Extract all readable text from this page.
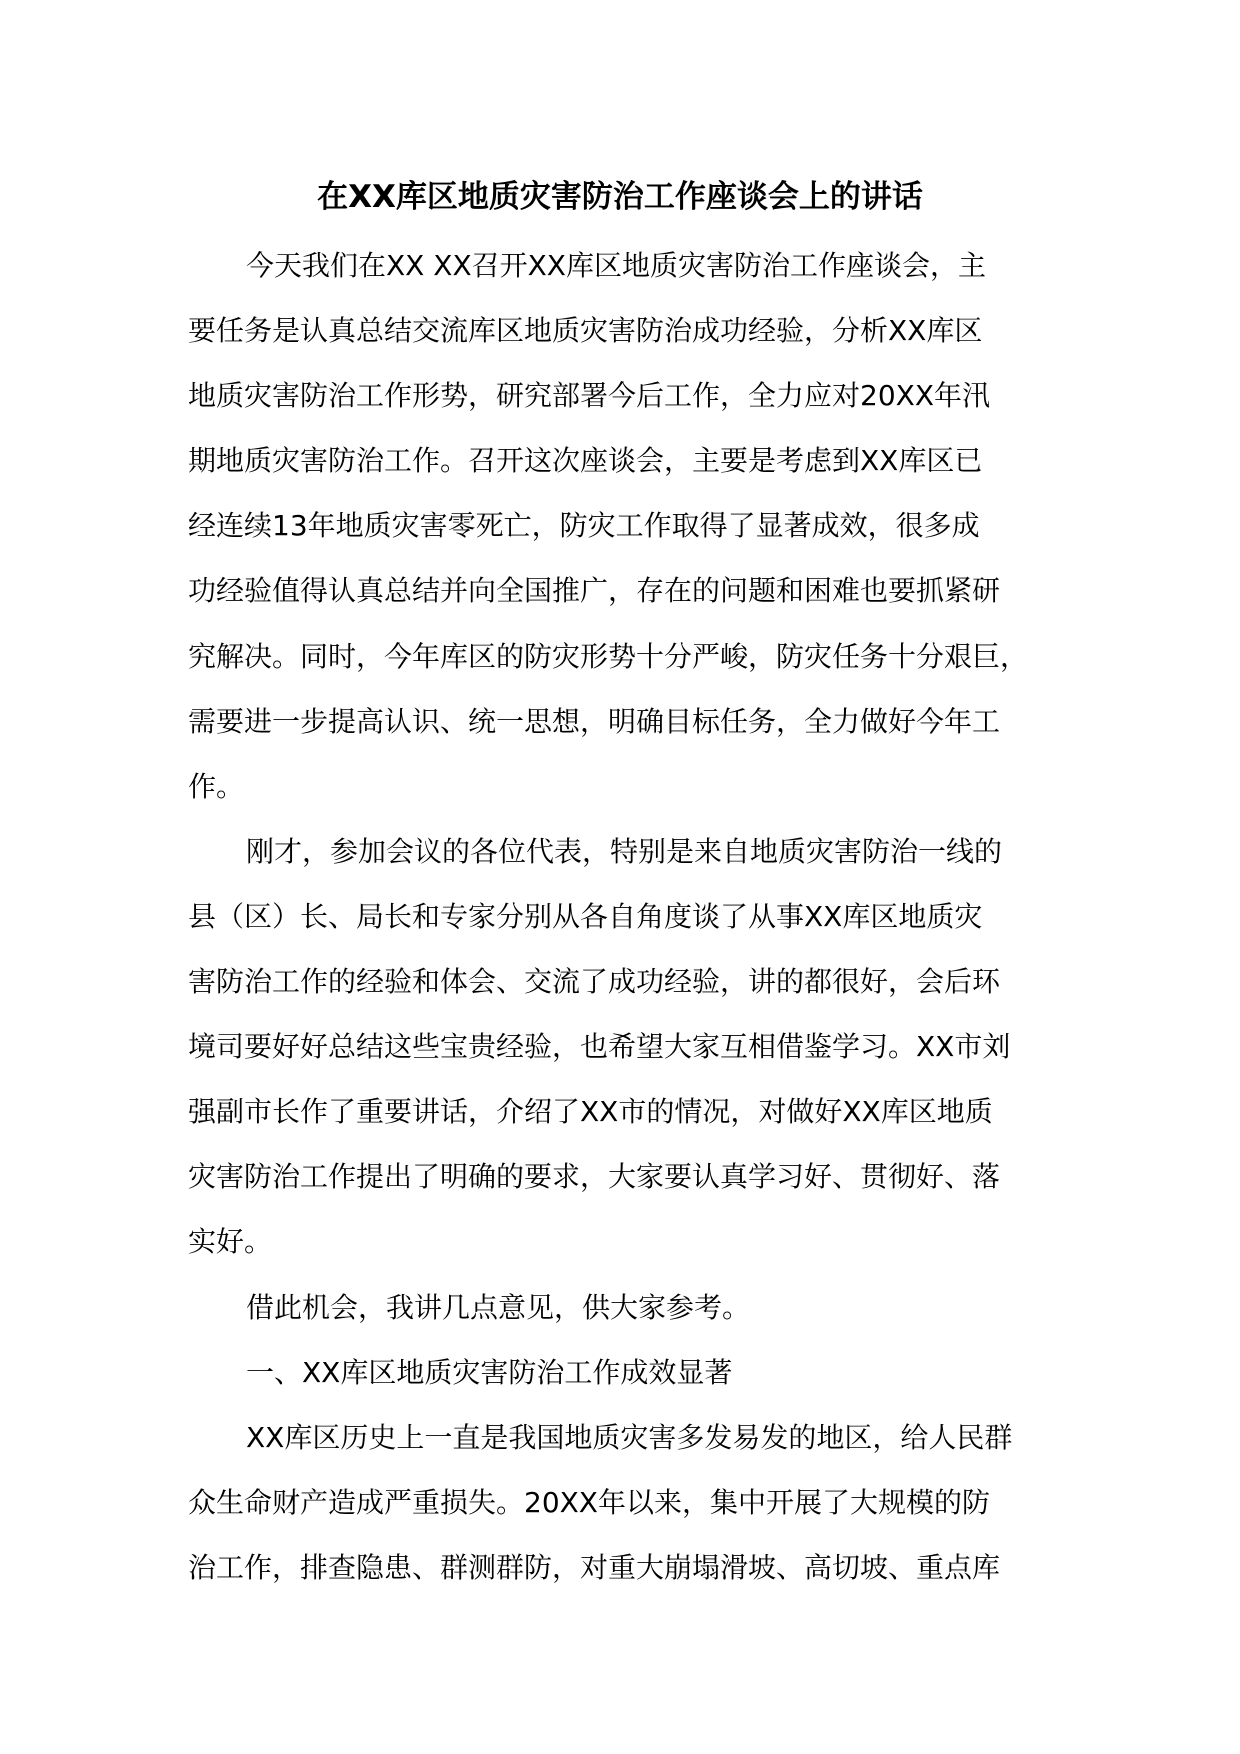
在XX库区地质灾害防治工作座谈会上的讲话
今天我们在XX XX召开XX库区地质灾害防治工作座谈会，主
要任务是认真总结交流库区地质灾害防治成功经验，分析XX库区
地质灾害防治工作形势，研究部署今后工作，全力应对20XX年汛
期地质灾害防治工作。召开这次座谈会，主要是考虑到XX库区已
经连续13年地质灾害零死亡，防灾工作取得了显著成效，很多成
功经验值得认真总结并向全国推广，存在的问题和困难也要抓紧研
究解决。同时，今年库区的防灾形势十分严峻，防灾任务十分艰巨，
需要进一步提高认识、统一思想，明确目标任务，全力做好今年工
作。
刚才，参加会议的各位代表，特别是来自地质灾害防治一线的
县（区）长、局长和专家分别从各自角度谈了从事XX库区地质灾
害防治工作的经验和体会、交流了成功经验，讲的都很好，会后环
境司要好好总结这些宝贵经验，也希望大家互相借鉴学习。XX市刘
强副市长作了重要讲话，介绍了XX市的情况，对做好XX库区地质
灾害防治工作提出了明确的要求，大家要认真学习好、贯彻好、落
实好。
借此机会，我讲几点意见，供大家参考。
一、XX库区地质灾害防治工作成效显著
XX库区历史上一直是我国地质灾害多发易发的地区，给人民群
众生命财产造成严重损失。20XX年以来，集中开展了大规模的防
治工作，排查隐患、群测群防，对重大崩塌滑坡、高切坡、重点库
